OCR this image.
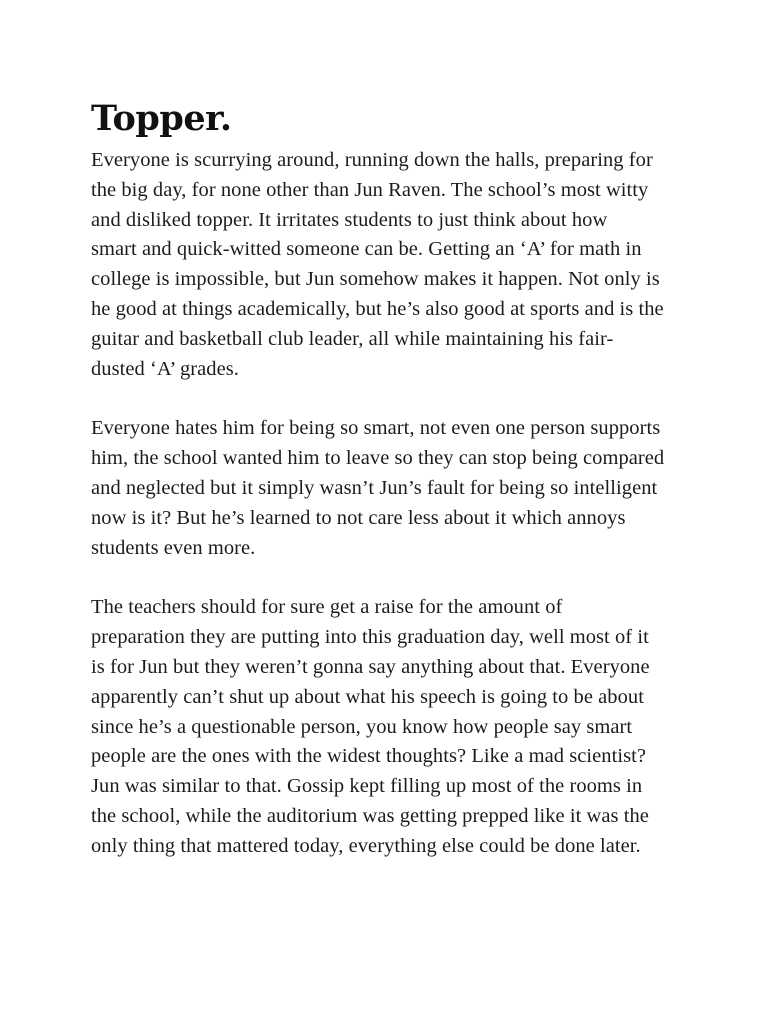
Topper.

Everyone is scurrying around, running down the halls, preparing for
the big day, for none other than Jun Raven. The school’s most witty
and disliked topper. It irritates students to just think about how
smart and quick-witted someone can be. Getting an ‘A’ for math in
college is impossible, but Jun somehow makes it happen. Not only is
he good at things academically, but he’s also good at sports and is the
guitar and basketball club leader, all while maintaining his fair-
dusted ‘A’ grades.

Everyone hates him for being so smart, not even one person supports
him, the school wanted him to leave so they can stop being compared
and neglected but it simply wasn’t Jun’s fault for being so intelligent
now is it? But he’s learned to not care less about it which annoys
students even more.

The teachers should for sure get a raise for the amount of
preparation they are putting into this graduation day, well most of it
is for Jun but they weren’t gonna say anything about that. Everyone
apparently can’t shut up about what his speech is going to be about
since he’s a questionable person, you know how people say smart
people are the ones with the widest thoughts? Like a mad scientist?
Jun was similar to that. Gossip kept filling up most of the rooms in
the school, while the auditorium was getting prepped like it was the
only thing that mattered today, everything else could be done later.
